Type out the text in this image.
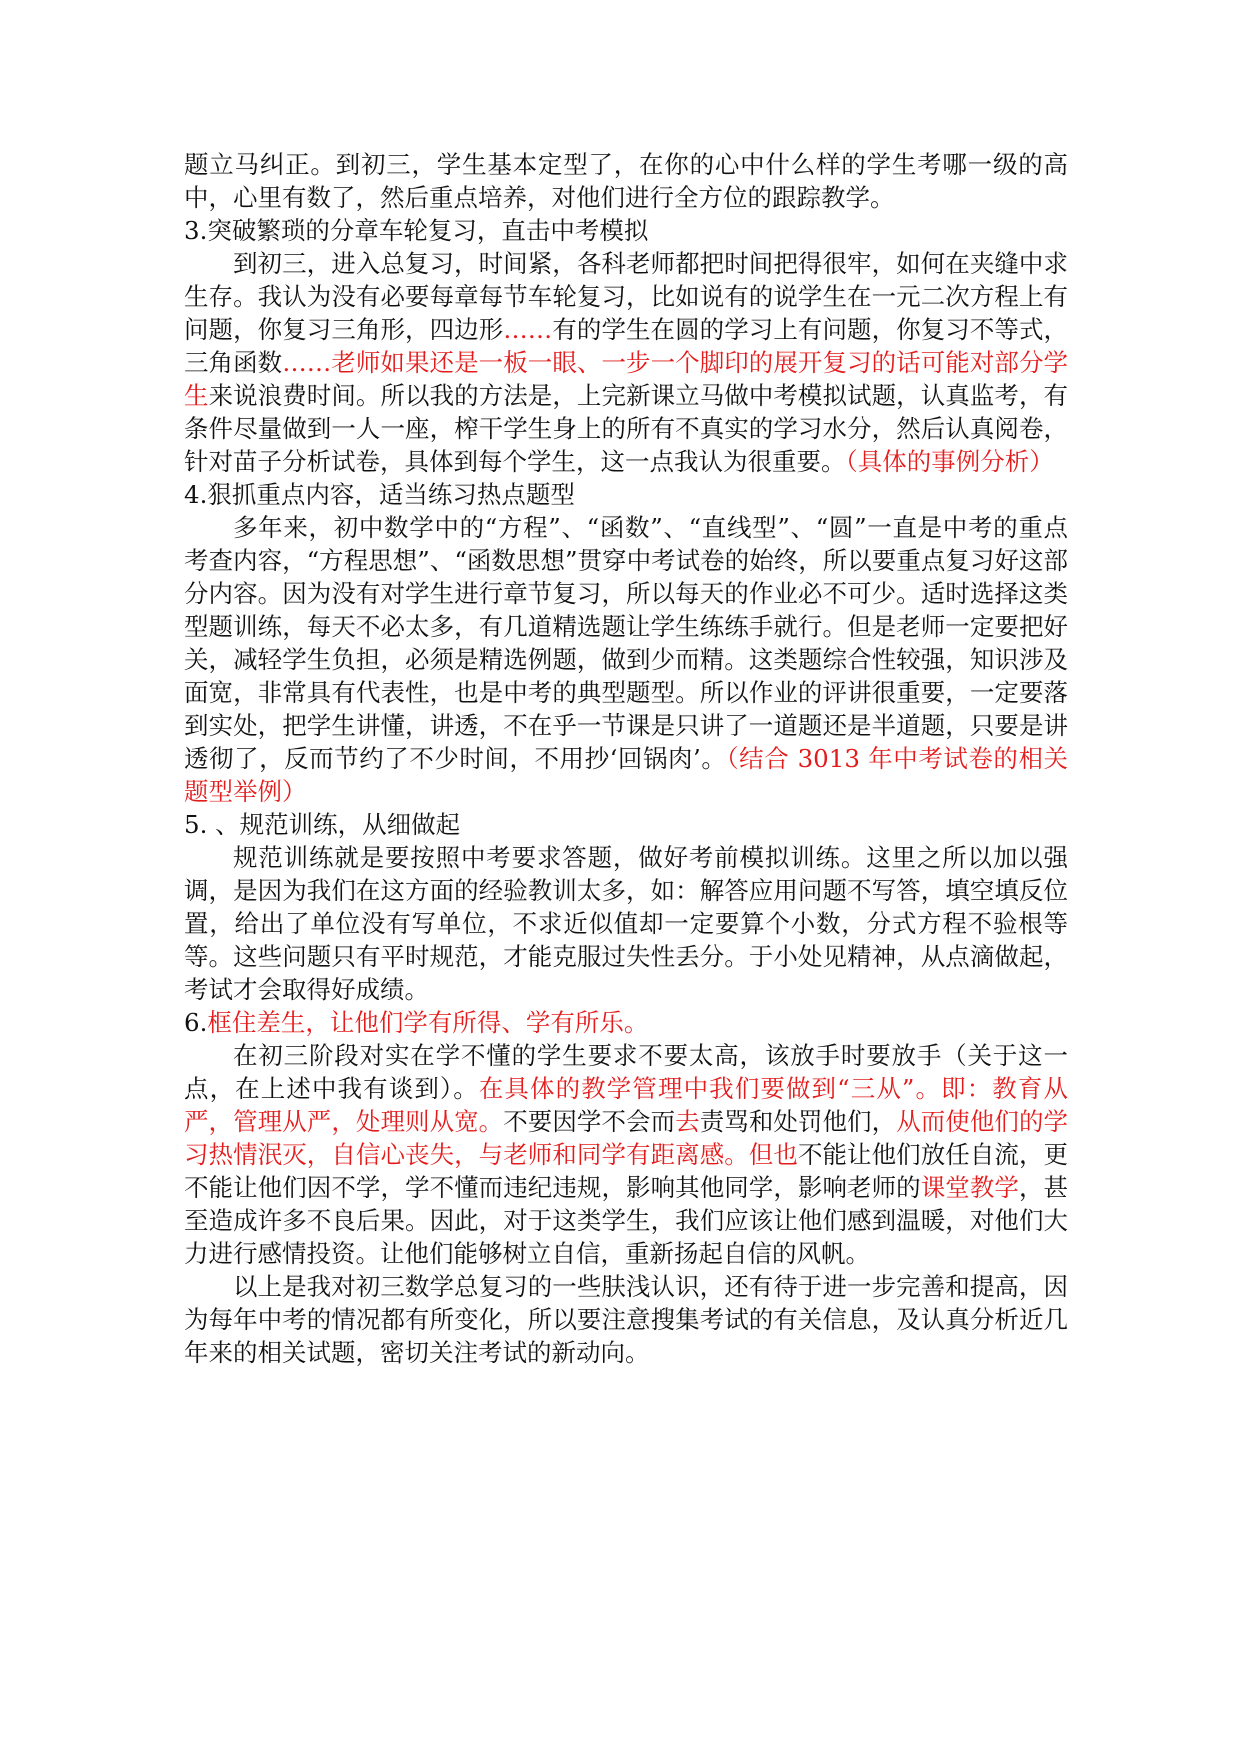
题立马纠正。到初三，学生基本定型了，在你的心中什么样的学生考哪一级的高中，心里有数了，然后重点培养，对他们进行全方位的跟踪教学。

3.突破繁琐的分章车轮复习，直击中考模拟

到初三，进入总复习，时间紧，各科老师都把时间把得很牢，如何在夹缝中求生存。我认为没有必要每章每节车轮复习，比如说有的说学生在一元二次方程上有问题，你复习三角形，四边形……有的学生在圆的学习上有问题，你复习不等式，三角函数……老师如果还是一板一眼、一步一个脚印的展开复习的话可能对部分学生来说浪费时间。所以我的方法是，上完新课立马做中考模拟试题，认真监考，有条件尽量做到一人一座，榨干学生身上的所有不真实的学习水分，然后认真阅卷，针对苗子分析试卷，具体到每个学生，这一点我认为很重要。（具体的事例分析）

4.狠抓重点内容，适当练习热点题型

多年来，初中数学中的“方程”、“函数”、“直线型”、“圆”一直是中考的重点考查内容，“方程思想”、“函数思想”贯穿中考试卷的始终，所以要重点复习好这部分内容。因为没有对学生进行章节复习，所以每天的作业必不可少。适时选择这类型题训练，每天不必太多，有几道精选题让学生练练手就行。但是老师一定要把好关，减轻学生负担，必须是精选例题，做到少而精。这类题综合性较强，知识涉及面宽，非常具有代表性，也是中考的典型题型。所以作业的评讲很重要，一定要落到实处，把学生讲懂，讲透，不在乎一节课是只讲了一道题还是半道题，只要是讲透彻了，反而节约了不少时间，不用抄‘回锅肉’。（结合 3013 年中考试卷的相关题型举例）

5. 、规范训练，从细做起

规范训练就是要按照中考要求答题，做好考前模拟训练。这里之所以加以强调，是因为我们在这方面的经验教训太多，如：解答应用问题不写答，填空填反位置，给出了单位没有写单位，不求近似值却一定要算个小数，分式方程不验根等等。这些问题只有平时规范，才能克服过失性丢分。于小处见精神，从点滴做起，考试才会取得好成绩。

6.框住差生，让他们学有所得、学有所乐。

在初三阶段对实在学不懂的学生要求不要太高，该放手时要放手（关于这一点，在上述中我有谈到）。在具体的教学管理中我们要做到“三从”。即：教育从严，管理从严，处理则从宽。不要因学不会而去责骂和处罚他们，从而使他们的学习热情泯灭，自信心丧失，与老师和同学有距离感。但也不能让他们放任自流，更不能让他们因不学，学不懂而违纪违规，影响其他同学，影响老师的课堂教学，甚至造成许多不良后果。因此，对于这类学生，我们应该让他们感到温暖，对他们大力进行感情投资。让他们能够树立自信，重新扬起自信的风帆。

以上是我对初三数学总复习的一些肤浅认识，还有待于进一步完善和提高，因为每年中考的情况都有所变化，所以要注意搜集考试的有关信息，及认真分析近几年来的相关试题，密切关注考试的新动向。
